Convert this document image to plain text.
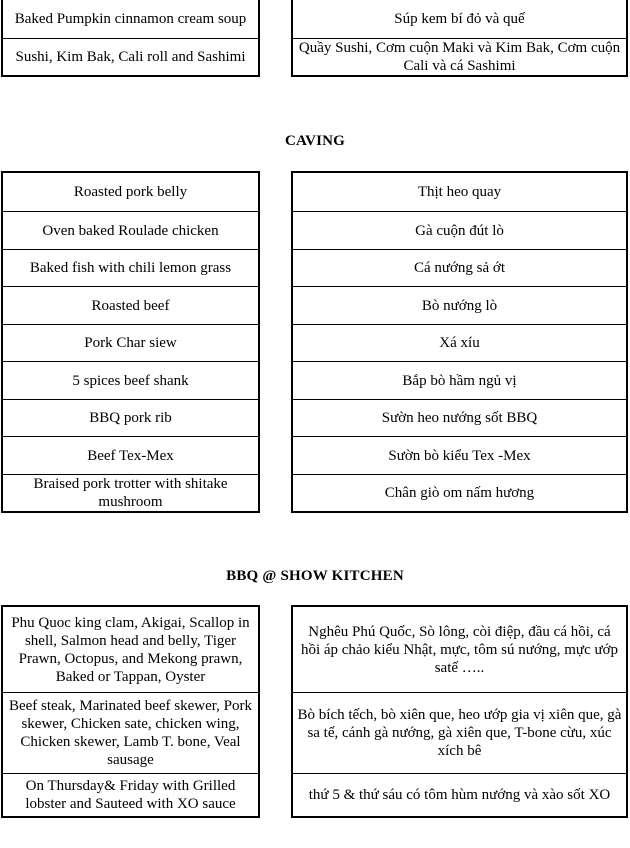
Baked Pumpkin cinnamon cream soup
Sushi, Kim Bak, Cali roll and Sashimi
Súp kem bí đỏ và quế
Quầy Sushi, Cơm cuộn Maki và Kim Bak, Cơm cuộn Cali và cá Sashimi
CAVING
Roasted pork belly
Oven baked Roulade chicken
Baked fish with chili lemon grass
Roasted beef
Pork Char siew
5 spices beef shank
BBQ pork rib
Beef Tex-Mex
Braised pork trotter with shitake mushroom
Thịt heo quay
Gà cuộn đút lò
Cá nướng sả ớt
Bò nướng lò
Xá xíu
Bắp bò hầm ngủ vị
Sườn heo nướng sốt BBQ
Sườn bò kiểu Tex -Mex
Chân giò om nấm hương
BBQ @ SHOW KITCHEN
Phu Quoc king clam, Akigai, Scallop in shell, Salmon head and belly, Tiger Prawn, Octopus, and Mekong prawn, Baked or Tappan, Oyster
Beef steak, Marinated beef skewer, Pork skewer, Chicken sate, chicken wing, Chicken skewer, Lamb T. bone, Veal sausage
On Thursday& Friday with Grilled lobster and Sauteed with XO sauce
Nghêu Phú Quốc, Sò lông, còi điệp, đầu cá hồi, cá hồi áp chảo kiểu Nhật, mực, tôm sú nướng, mực ướp satế …..
Bò bích tếch, bò xiên que, heo ướp gia vị xiên que, gà sa tế, cánh gà nướng, gà xiên que, T-bone cừu, xúc xích bê
thứ 5 & thứ sáu có tôm hùm nướng và xào sốt XO
